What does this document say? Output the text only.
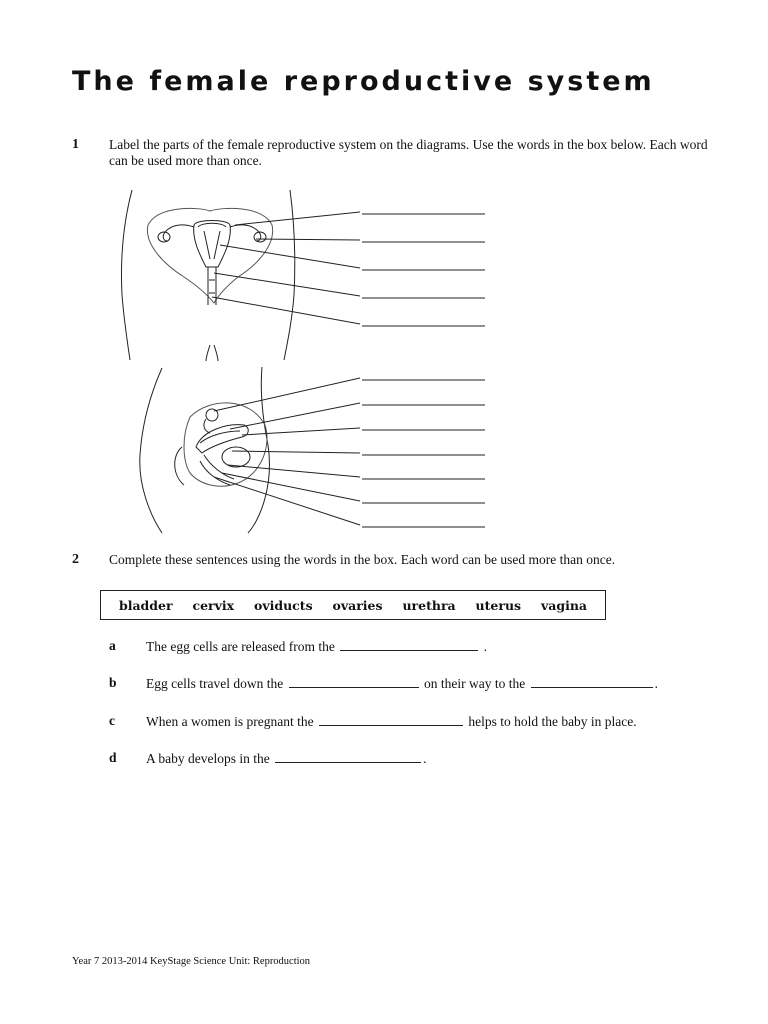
The female reproductive system
1 Label the parts of the female reproductive system on the diagrams. Use the words in the box below. Each word can be used more than once.
2 Complete these sentences using the words in the box. Each word can be used more than once.
bladder cervix oviducts ovaries urethra uterus vagina
a The egg cells are released from the	.
b Egg cells travel down the	on their way to the	.
c When a women is pregnant the	helps to hold the baby in place.
d A baby develops in the	.
Year 7 2013-2014 KeyStage Science Unit: Reproduction
